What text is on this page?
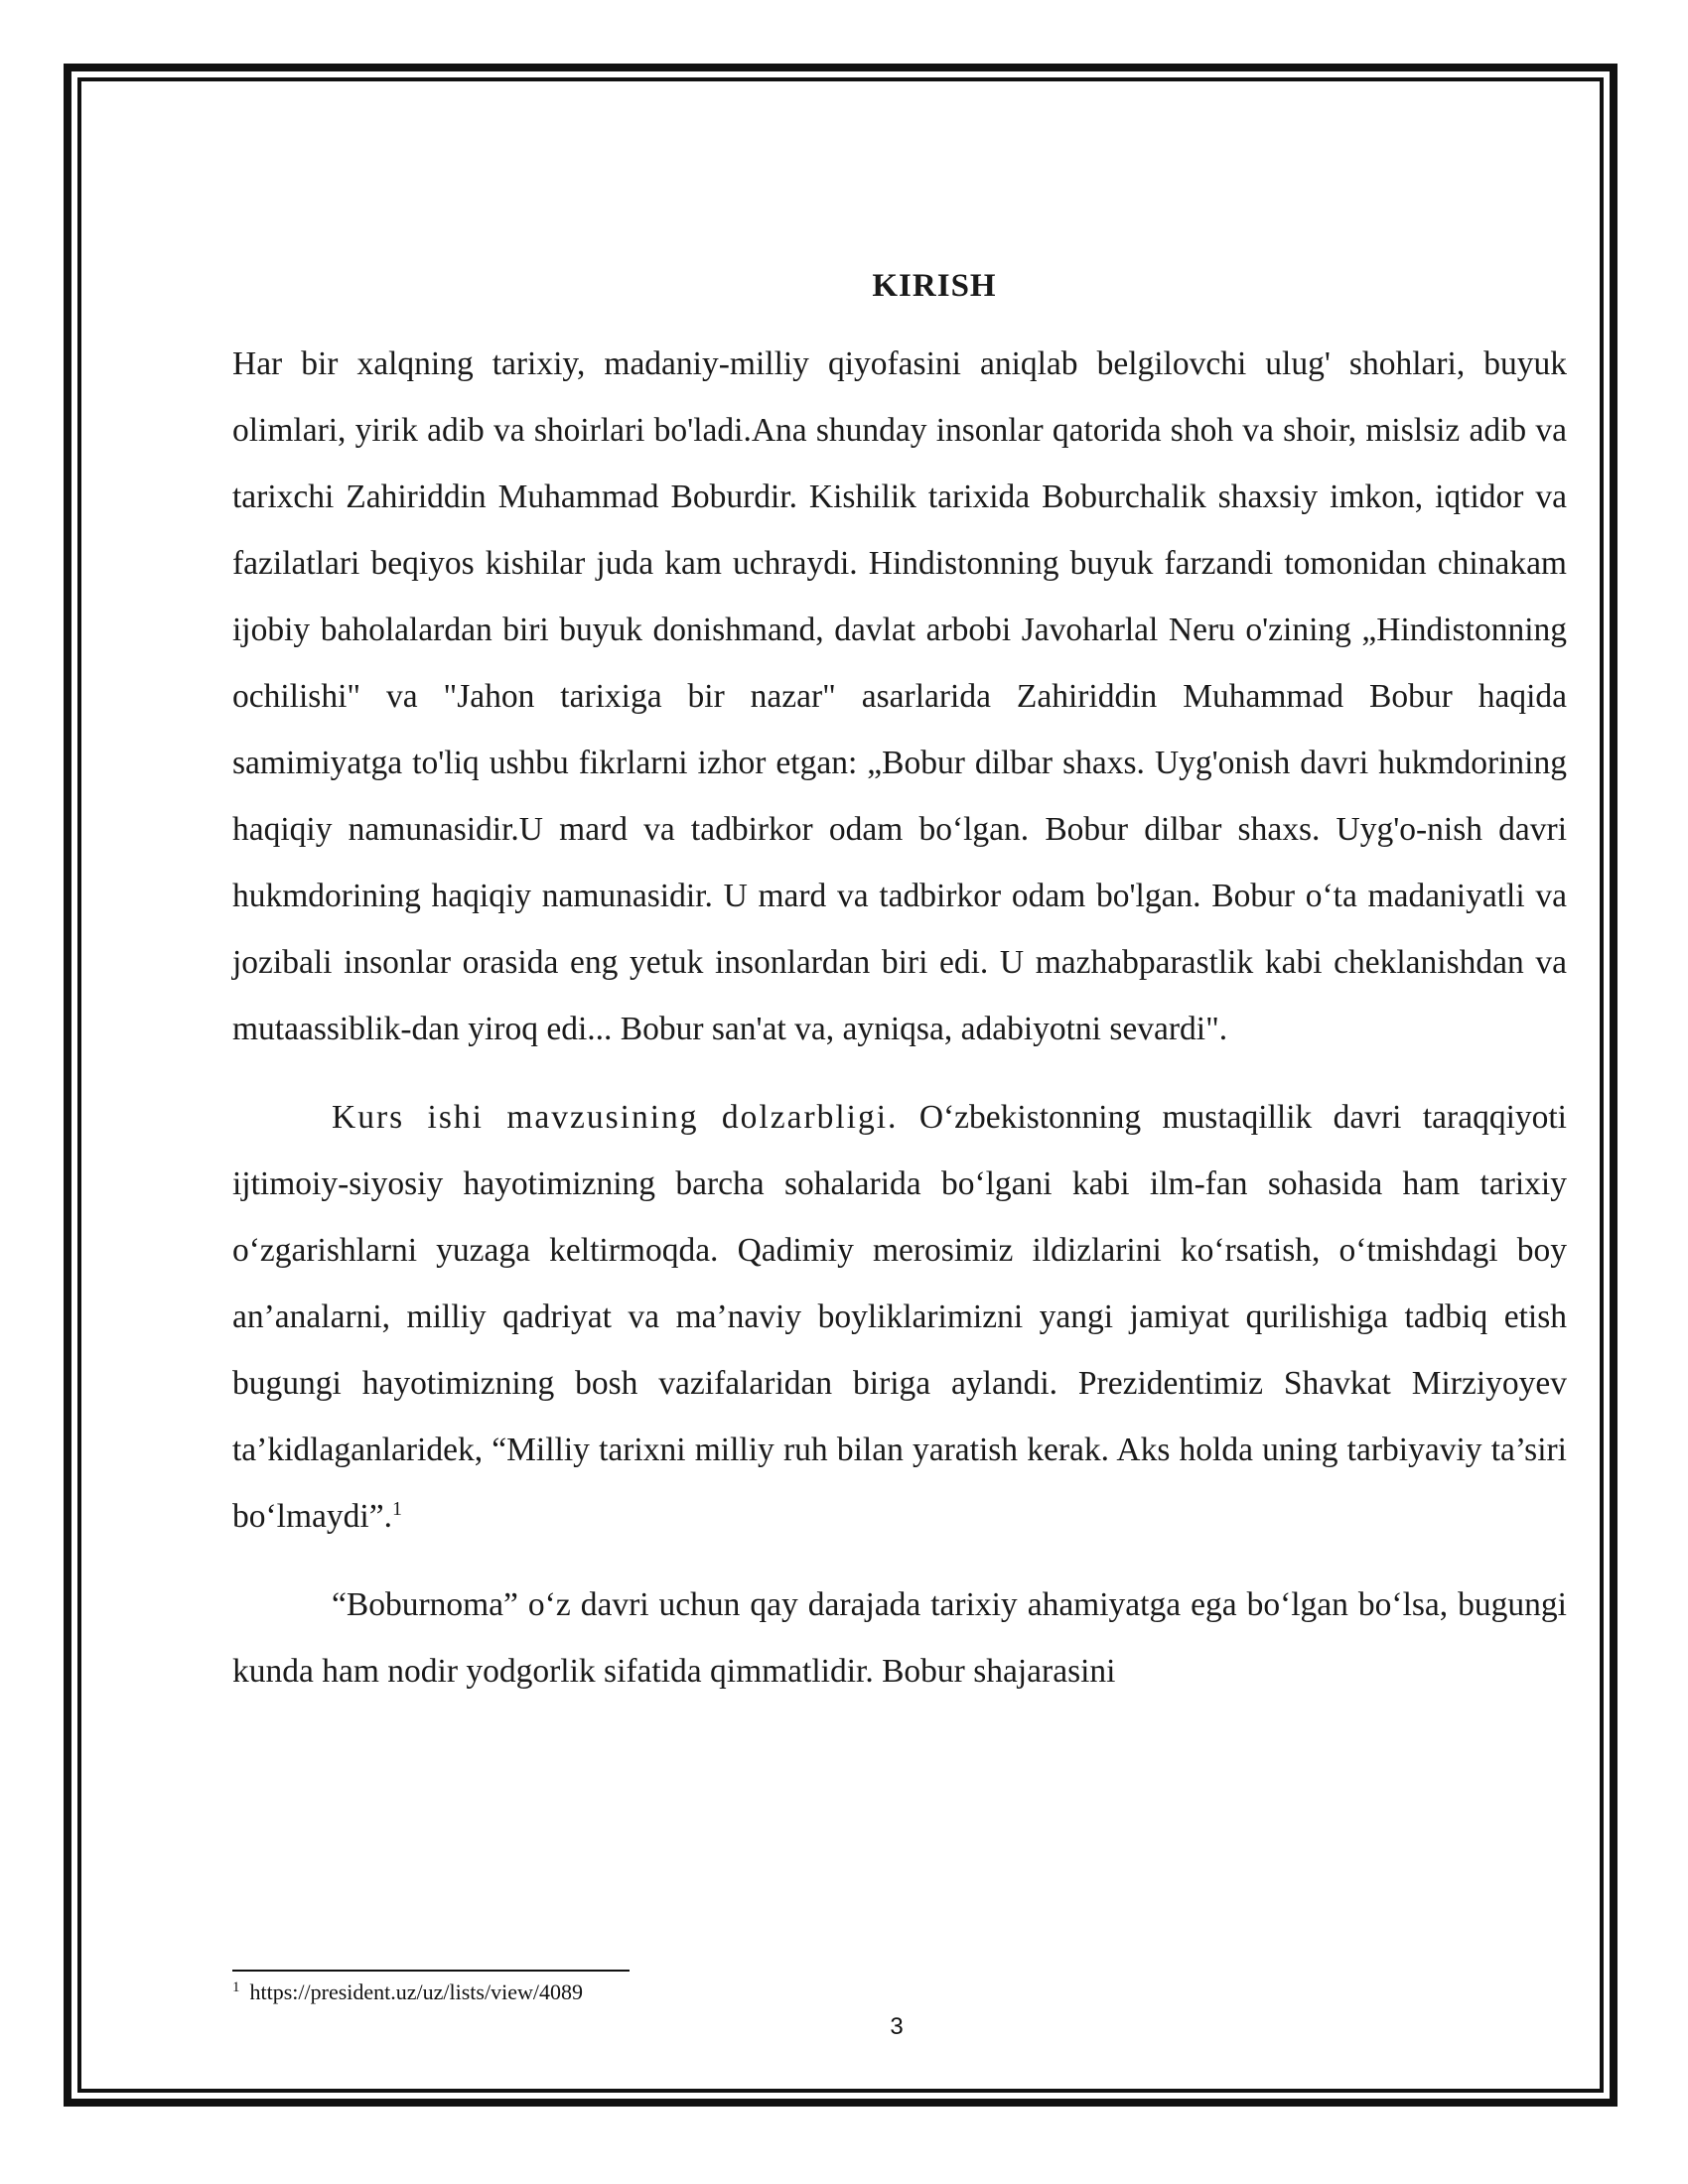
KIRISH

Har bir xalqning tarixiy, madaniy-milliy qiyofasini aniqlab belgilovchi ulug' shohlari, buyuk olimlari, yirik adib va shoirlari bo'ladi.Ana shunday insonlar qatorida shoh va shoir, mislsiz adib va tarixchi Zahiriddin Muhammad Boburdir. Kishilik tarixida Boburchalik shaxsiy imkon, iqtidor va fazilatlari beqiyos kishilar juda kam uchraydi. Hindistonning buyuk farzandi tomonidan chinakam ijobiy baholalardan biri buyuk donishmand, davlat arbobi Javoharlal Neru o'zining „Hindistonning ochilishi" va "Jahon tarixiga bir nazar" asarlarida Zahiriddin Muhammad Bobur haqida samimiyatga to'liq ushbu fikrlarni izhor etgan: „Bobur dilbar shaxs. Uyg'onish davri hukmdorining haqiqiy namunasidir.U mard va tadbirkor odam bo‘lgan. Bobur dilbar shaxs. Uyg'o-nish davri hukmdorining haqiqiy namunasidir. U mard va tadbirkor odam bo'lgan. Bobur o‘ta madaniyatli va jozibali insonlar orasida eng yetuk insonlardan biri edi. U mazhabparastlik kabi cheklanishdan va mutaassiblik-dan yiroq edi... Bobur san'at va, ayniqsa, adabiyotni sevardi".

Kurs ishi mavzusining dolzarbligi. O‘zbekistonning mustaqillik davri taraqqiyoti ijtimoiy-siyosiy hayotimizning barcha sohalarida bo‘lgani kabi ilm-fan sohasida ham tarixiy o‘zgarishlarni yuzaga keltirmoqda. Qadimiy merosimiz ildizlarini ko‘rsatish, o‘tmishdagi boy an’analarni, milliy qadriyat va ma’naviy boyliklarimizni yangi jamiyat qurilishiga tadbiq etish bugungi hayotimizning bosh vazifalaridan biriga aylandi. Prezidentimiz Shavkat Mirziyoyev ta’kidlaganlaridek, “Milliy tarixni milliy ruh bilan yaratish kerak. Aks holda uning tarbiyaviy ta’siri bo‘lmaydi”.$^1$

“Boburnoma” o‘z davri uchun qay darajada tarixiy ahamiyatga ega bo‘lgan bo‘lsa, bugungi kunda ham nodir yodgorlik sifatida qimmatlidir. Bobur shajarasini

$^1$ https://president.uz/uz/lists/view/4089
3
